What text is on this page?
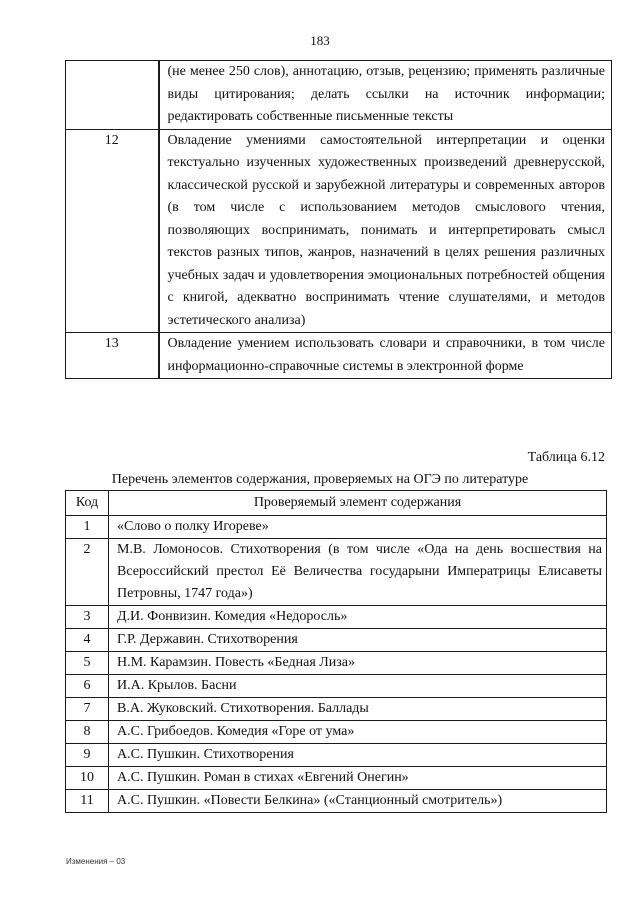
183
	(не менее 250 слов), аннотацию, отзыв, рецензию; применять различные виды цитирования; делать ссылки на источник информации; редактировать собственные письменные тексты
12	Овладение умениями самостоятельной интерпретации и оценки текстуально изученных художественных произведений древнерусской, классической русской и зарубежной литературы и современных авторов (в том числе с использованием методов смыслового чтения, позволяющих воспринимать, понимать и интерпретировать смысл текстов разных типов, жанров, назначений в целях решения различных учебных задач и удовлетворения эмоциональных потребностей общения с книгой, адекватно воспринимать чтение слушателями, и методов эстетического анализа)
13	Овладение умением использовать словари и справочники, в том числе информационно-справочные системы в электронной форме
Таблица 6.12
Перечень элементов содержания, проверяемых на ОГЭ по литературе
Код	Проверяемый элемент содержания
1	«Слово о полку Игореве»
2	М.В. Ломоносов. Стихотворения (в том числе «Ода на день восшествия на Всероссийский престол Её Величества государыни Императрицы Елисаветы Петровны, 1747 года»)
3	Д.И. Фонвизин. Комедия «Недоросль»
4	Г.Р. Державин. Стихотворения
5	Н.М. Карамзин. Повесть «Бедная Лиза»
6	И.А. Крылов. Басни
7	В.А. Жуковский. Стихотворения. Баллады
8	А.С. Грибоедов. Комедия «Горе от ума»
9	А.С. Пушкин. Стихотворения
10	А.С. Пушкин. Роман в стихах «Евгений Онегин»
11	А.С. Пушкин. «Повести Белкина» («Станционный смотритель»)
Изменения – 03
